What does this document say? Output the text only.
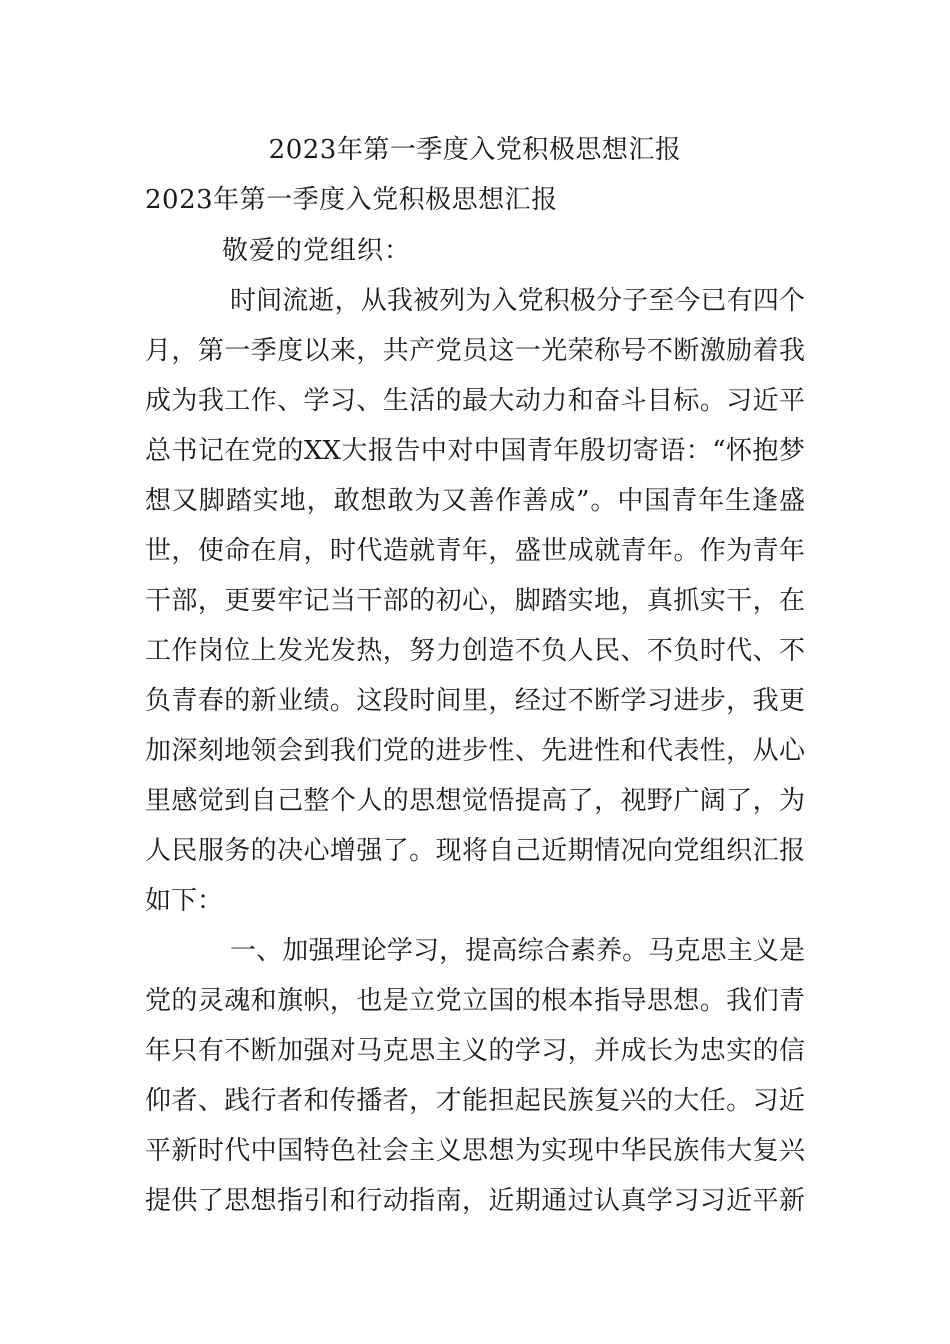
2023年第一季度入党积极思想汇报
2023年第一季度入党积极思想汇报
敬爱的党组织：
时间流逝，从我被列为入党积极分子至今已有四个
月，第一季度以来，共产党员这一光荣称号不断激励着我
成为我工作、学习、生活的最大动力和奋斗目标。习近平
总书记在党的XX大报告中对中国青年殷切寄语：“怀抱梦
想又脚踏实地，敢想敢为又善作善成”。中国青年生逢盛
世，使命在肩，时代造就青年，盛世成就青年。作为青年
干部，更要牢记当干部的初心，脚踏实地，真抓实干，在
工作岗位上发光发热，努力创造不负人民、不负时代、不
负青春的新业绩。这段时间里，经过不断学习进步，我更
加深刻地领会到我们党的进步性、先进性和代表性，从心
里感觉到自己整个人的思想觉悟提高了，视野广阔了，为
人民服务的决心增强了。现将自己近期情况向党组织汇报
如下：
一、加强理论学习，提高综合素养。马克思主义是
党的灵魂和旗帜，也是立党立国的根本指导思想。我们青
年只有不断加强对马克思主义的学习，并成长为忠实的信
仰者、践行者和传播者，才能担起民族复兴的大任。习近
平新时代中国特色社会主义思想为实现中华民族伟大复兴
提供了思想指引和行动指南，近期通过认真学习习近平新
